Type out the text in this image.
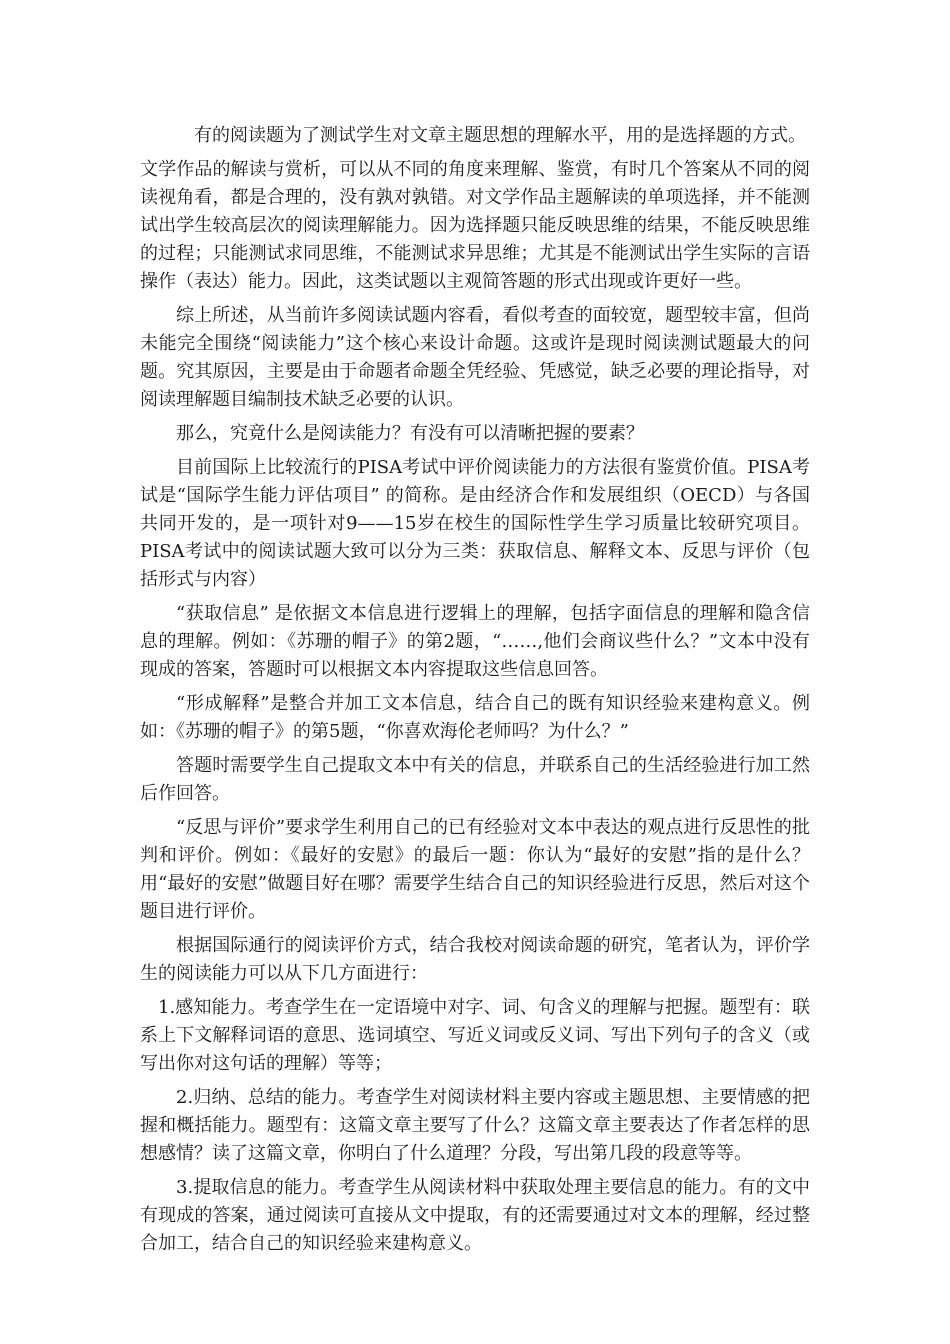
有的阅读题为了测试学生对文章主题思想的理解水平，用的是选择题的方式。

文学作品的解读与赏析，可以从不同的角度来理解、鉴赏，有时几个答案从不同的阅读视角看，都是合理的，没有孰对孰错。对文学作品主题解读的单项选择，并不能测试出学生较高层次的阅读理解能力。因为选择题只能反映思维的结果，不能反映思维的过程；只能测试求同思维，不能测试求异思维；尤其是不能测试出学生实际的言语操作（表达）能力。因此，这类试题以主观简答题的形式出现或许更好一些。

综上所述，从当前许多阅读试题内容看，看似考查的面较宽，题型较丰富，但尚未能完全围绕“阅读能力”这个核心来设计命题。这或许是现时阅读测试题最大的问题。究其原因，主要是由于命题者命题全凭经验、凭感觉，缺乏必要的理论指导，对阅读理解题目编制技术缺乏必要的认识。

那么，究竟什么是阅读能力？有没有可以清晰把握的要素？

目前国际上比较流行的PISA考试中评价阅读能力的方法很有鉴赏价值。PISA考试是“国际学生能力评估项目” 的简称。是由经济合作和发展组织（OECD）与各国共同开发的，是一项针对9——15岁在校生的国际性学生学习质量比较研究项目。PISA考试中的阅读试题大致可以分为三类：获取信息、解释文本、反思与评价（包括形式与内容）

“获取信息” 是依据文本信息进行逻辑上的理解，包括字面信息的理解和隐含信息的理解。例如：《苏珊的帽子》的第2题，“……,他们会商议些什么？”文本中没有现成的答案，答题时可以根据文本内容提取这些信息回答。

“形成解释”是整合并加工文本信息，结合自己的既有知识经验来建构意义。例如：《苏珊的帽子》的第5题，“你喜欢海伦老师吗？为什么？”

答题时需要学生自己提取文本中有关的信息，并联系自己的生活经验进行加工然后作回答。

“反思与评价”要求学生利用自己的已有经验对文本中表达的观点进行反思性的批判和评价。例如：《最好的安慰》的最后一题：你认为“最好的安慰”指的是什么？用“最好的安慰”做题目好在哪？需要学生结合自己的知识经验进行反思，然后对这个题目进行评价。

根据国际通行的阅读评价方式，结合我校对阅读命题的研究，笔者认为，评价学生的阅读能力可以从下几方面进行：

1.感知能力。考查学生在一定语境中对字、词、句含义的理解与把握。题型有：联系上下文解释词语的意思、选词填空、写近义词或反义词、写出下列句子的含义（或写出你对这句话的理解）等等；

2.归纳、总结的能力。考查学生对阅读材料主要内容或主题思想、主要情感的把握和概括能力。题型有：这篇文章主要写了什么？这篇文章主要表达了作者怎样的思想感情？读了这篇文章，你明白了什么道理？分段，写出第几段的段意等等。

3.提取信息的能力。考查学生从阅读材料中获取处理主要信息的能力。有的文中有现成的答案，通过阅读可直接从文中提取，有的还需要通过对文本的理解，经过整合加工，结合自己的知识经验来建构意义。
